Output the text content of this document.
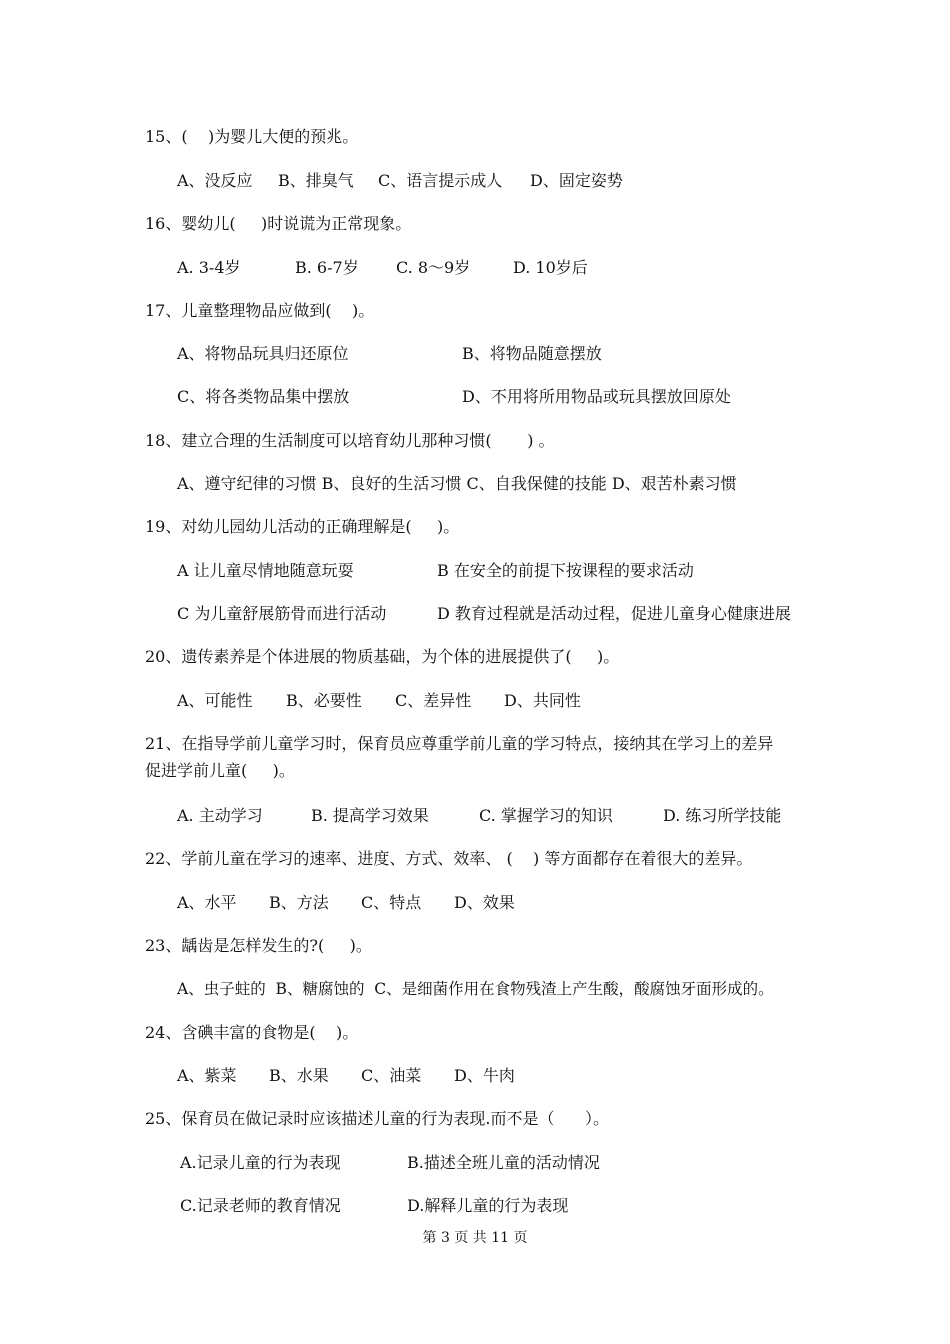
15、(    )为婴儿大便的预兆。
A、没反应 B、排臭气 C、语言提示成人 D、固定姿势
16、婴幼儿(     )时说谎为正常现象。
A. 3-4岁	B. 6-7岁 C. 8～9岁	D. 10岁后
17、儿童整理物品应做到(    )。
A、将物品玩具归还原位	B、将物品随意摆放
C、将各类物品集中摆放	D、不用将所用物品或玩具摆放回原处
18、建立合理的生活制度可以培育幼儿那种习惯(       ) 。
A、遵守纪律的习惯 B、良好的生活习惯 C、自我保健的技能 D、艰苦朴素习惯
19、对幼儿园幼儿活动的正确理解是(     )。
A 让儿童尽情地随意玩耍	B 在安全的前提下按课程的要求活动
C 为儿童舒展筋骨而进行活动	D 教育过程就是活动过程，促进儿童身心健康进展
20、遗传素养是个体进展的物质基础，为个体的进展提供了(     )。
A、可能性 B、必要性 C、差异性 D、共同性
21、在指导学前儿童学习时，保育员应尊重学前儿童的学习特点，接纳其在学习上的差异
促进学前儿童(     )。
A. 主动学习	B. 提高学习效果	C. 掌握学习的知识	D. 练习所学技能
22、学前儿童在学习的速率、进度、方式、效率、 (    ) 等方面都存在着很大的差异。
A、水平 B、方法 C、特点 D、效果
23、龋齿是怎样发生的?(     )。
A、虫子蛀的  B、糖腐蚀的  C、是细菌作用在食物残渣上产生酸，酸腐蚀牙面形成的。
24、含碘丰富的食物是(    )。
A、紫菜 B、水果 C、油菜 D、牛肉
25、保育员在做记录时应该描述儿童的行为表现.而不是（      ）。
A.记录儿童的行为表现	B.描述全班儿童的活动情况
C.记录老师的教育情况	D.解释儿童的行为表现
第 3 页 共 11 页
